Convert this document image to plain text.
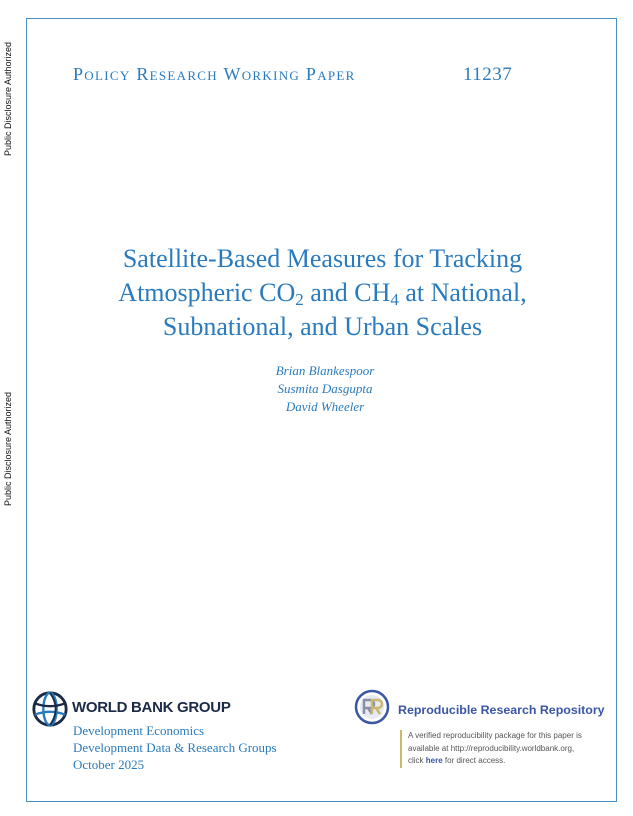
Public Disclosure Authorized
Public Disclosure Authorized
Policy Research Working Paper	11237
Satellite-Based Measures for Tracking
Atmospheric $CO_2$ and $CH_4$ at National,
Subnational, and Urban Scales
Brian Blankespoor
Susmita Dasgupta
David Wheeler
WORLD BANK GROUP
Development Economics
Development Data & Research Groups
October 2025
Reproducible Research Repository
A verified reproducibility package for this paper is
available at http://reproducibility.worldbank.org,
click here for direct access.
